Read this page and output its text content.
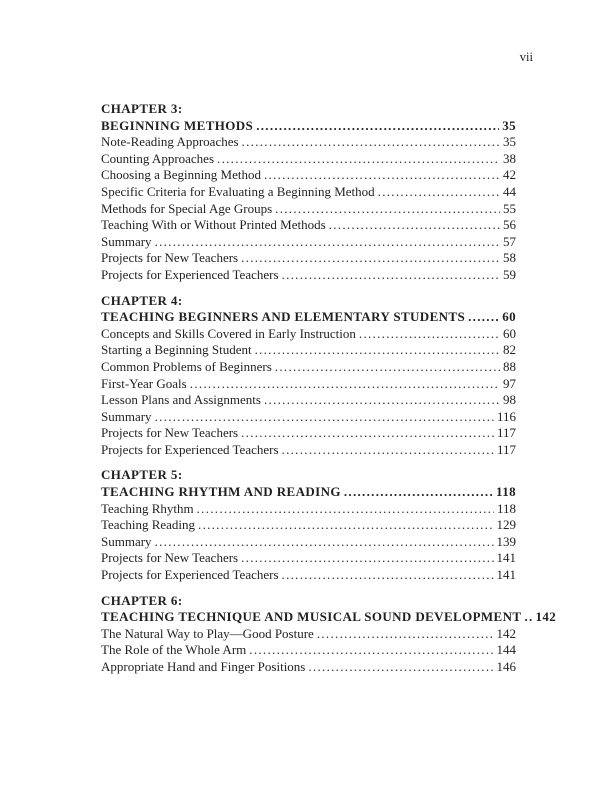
vii
CHAPTER 3:
BEGINNING METHODS .....	35
Note-Reading Approaches .....	35
Counting Approaches .....	38
Choosing a Beginning Method .....	42
Specific Criteria for Evaluating a Beginning Method .....	44
Methods for Special Age Groups .....	55
Teaching With or Without Printed Methods .....	56
Summary .....	57
Projects for New Teachers .....	58
Projects for Experienced Teachers .....	59
CHAPTER 4:
TEACHING BEGINNERS AND ELEMENTARY STUDENTS .....	60
Concepts and Skills Covered in Early Instruction .....	60
Starting a Beginning Student .....	82
Common Problems of Beginners .....	88
First-Year Goals .....	97
Lesson Plans and Assignments .....	98
Summary .....	116
Projects for New Teachers .....	117
Projects for Experienced Teachers .....	117
CHAPTER 5:
TEACHING RHYTHM AND READING .....	118
Teaching Rhythm .....	118
Teaching Reading .....	129
Summary .....	139
Projects for New Teachers .....	141
Projects for Experienced Teachers .....	141
CHAPTER 6:
TEACHING TECHNIQUE AND MUSICAL SOUND DEVELOPMENT ..... 142
The Natural Way to Play—Good Posture .....	142
The Role of the Whole Arm .....	144
Appropriate Hand and Finger Positions .....	146
